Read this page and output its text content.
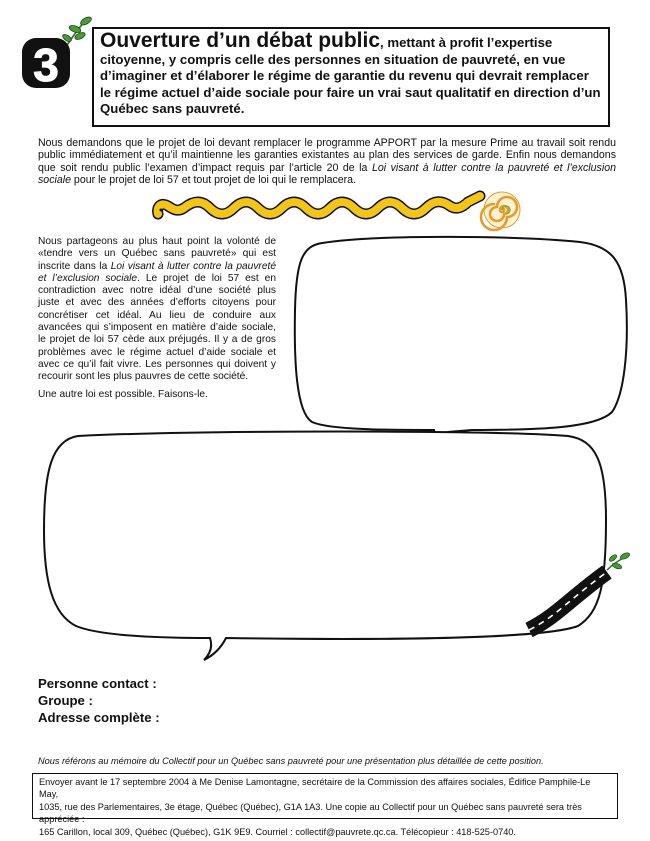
3	Ouverture d’un débat public, mettant à profit l’expertise citoyenne, y compris celle des personnes en situation de pauvreté, en vue d’imaginer et d’élaborer le régime de garantie du revenu qui devrait remplacer le régime actuel d’aide sociale pour faire un vrai saut qualitatif en direction d’un Québec sans pauvreté.
Nous demandons que le projet de loi devant remplacer le programme APPORT par la mesure Prime au travail soit rendu public immédiatement et qu’il maintienne les garanties existantes au plan des services de garde. Enfin nous demandons que soit rendu public l’examen d’impact requis par l’article 20 de la Loi visant à lutter contre la pauvreté et l’exclusion sociale pour le projet de loi 57 et tout projet de loi qui le remplacera.

Nous partageons au plus haut point la volonté de «tendre vers un Québec sans pauvreté» qui est inscrite dans la Loi visant à lutter contre la pauvreté et l’exclusion sociale. Le projet de loi 57 est en contradiction avec notre idéal d’une société plus juste et avec des années d’efforts citoyens pour concrétiser cet idéal. Au lieu de conduire aux avancées qui s’imposent en matière d’aide sociale, le projet de loi 57 cède aux préjugés. Il y a de gros problèmes avec le régime actuel d’aide sociale et avec ce qu’il fait vivre. Les personnes qui doivent y recourir sont les plus pauvres de cette société.

Une autre loi est possible. Faisons-le.

Personne contact :
Groupe :
Adresse complète :
Nous référons au mémoire du Collectif pour un Québec sans pauvreté pour une présentation plus détaillée de cette position.
Envoyer avant le 17 septembre 2004 à Me Denise Lamontagne, secrétaire de la Commission des affaires sociales, Édifice Pamphile-Le May,
1035, rue des Parlementaires, 3e étage, Québec (Québec), G1A 1A3. Une copie au Collectif pour un Québec sans pauvreté sera très appréciée :
165 Carillon, local 309, Québec (Québec), G1K 9E9. Courriel : collectif@pauvrete.qc.ca. Télécopieur : 418-525-0740.
